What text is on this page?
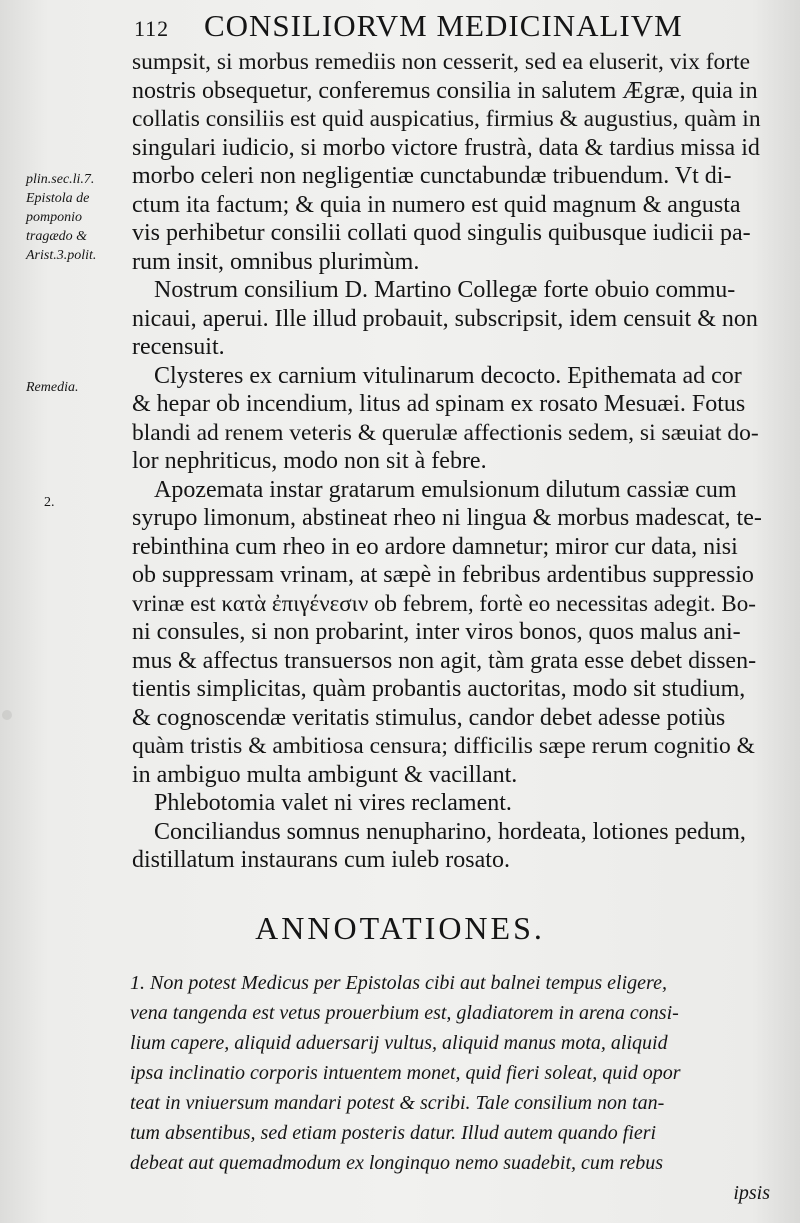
112 CONSILIORVM MEDICINALIVM
plin.sec.li.7.
Epistola de
pomponio
tragædo &
Arist.3.polit.
Remedia.
2.
sumpsit, si morbus remediis non cesserit, sed ea eluserit, vix forte
nostris obsequetur, conferemus consilia in salutem Ægræ, quia in
collatis consiliis est quid auspicatius, firmius & augustius, quàm in
singulari iudicio, si morbo victore frustrà, data & tardius missa id
morbo celeri non negligentiæ cunctabundæ tribuendum. Vt di-
ctum ita factum; & quia in numero est quid magnum & angusta
vis perhibetur consilii collati quod singulis quibusque iudicii pa-
rum insit, omnibus plurimùm.
Nostrum consilium D. Martino Collegæ forte obuio commu-
nicaui, aperui. Ille illud probauit, subscripsit, idem censuit & non
recensuit.
Clysteres ex carnium vitulinarum decocto. Epithemata ad cor
& hepar ob incendium, litus ad spinam ex rosato Mesuæi. Fotus
blandi ad renem veteris & querulæ affectionis sedem, si sæuiat do-
lor nephriticus, modo non sit à febre.
Apozemata instar gratarum emulsionum dilutum cassiæ cum
syrupo limonum, abstineat rheo ni lingua & morbus madescat, te-
rebinthina cum rheo in eo ardore damnetur; miror cur data, nisi
ob suppressam vrinam, at sæpè in febribus ardentibus suppressio
vrinæ est κατὰ ἐπιγένεσιν ob febrem, fortè eo necessitas adegit. Bo-
ni consules, si non probarint, inter viros bonos, quos malus ani-
mus & affectus transuersos non agit, tàm grata esse debet dissen-
tientis simplicitas, quàm probantis auctoritas, modo sit studium,
& cognoscendæ veritatis stimulus, candor debet adesse potiùs
quàm tristis & ambitiosa censura; difficilis sæpe rerum cognitio &
in ambiguo multa ambigunt & vacillant.
Phlebotomia valet ni vires reclament.
Conciliandus somnus nenupharino, hordeata, lotiones pedum,
distillatum instaurans cum iuleb rosato.
ANNOTATIONES.
1. Non potest Medicus per Epistolas cibi aut balnei tempus eligere,
vena tangenda est vetus prouerbium est, gladiatorem in arena consi-
lium capere, aliquid aduersarij vultus, aliquid manus mota, aliquid
ipsa inclinatio corporis intuentem monet, quid fieri soleat, quid opor
teat in vniuersum mandari potest & scribi. Tale consilium non tan-
tum absentibus, sed etiam posteris datur. Illud autem quando fieri
debeat aut quemadmodum ex longinquo nemo suadebit, cum rebus
ipsis
